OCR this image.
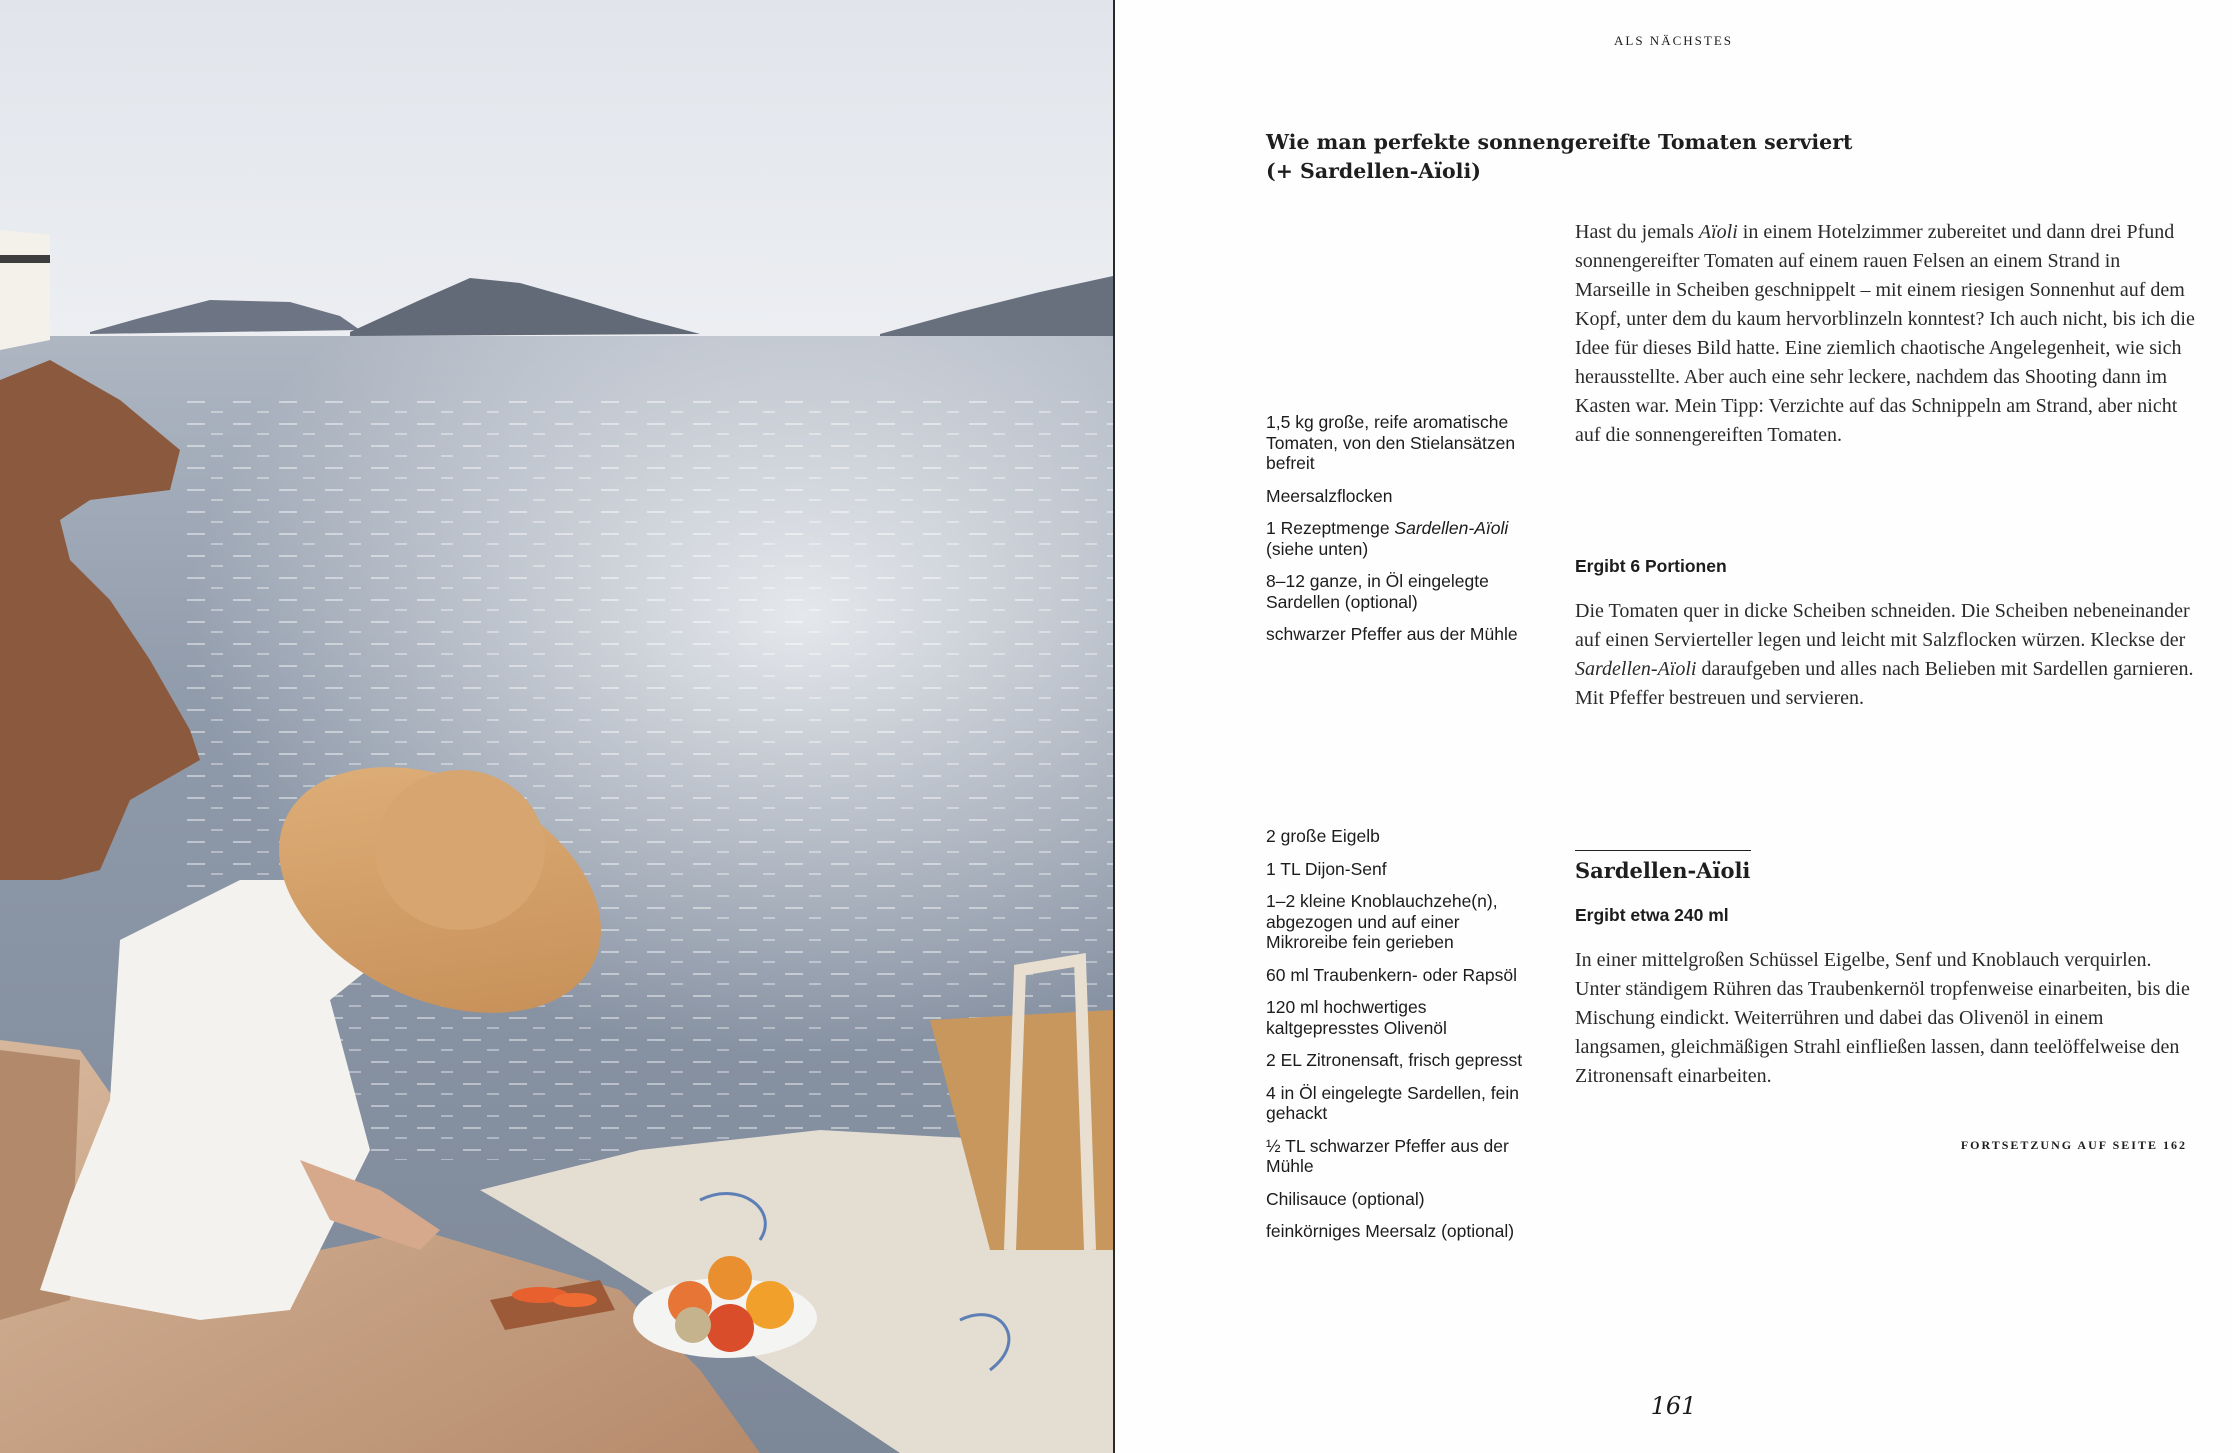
ALS NÄCHSTES
Wie man perfekte sonnengereifte Tomaten serviert
(+ Sardellen-Aïoli)
1,5 kg große, reife aromatische Tomaten, von den Stielansätzen befreit
Meersalzflocken
1 Rezeptmenge Sardellen-Aïoli (siehe unten)
8–12 ganze, in Öl eingelegte Sardellen (optional)
schwarzer Pfeffer aus der Mühle
Hast du jemals Aïoli in einem Hotelzimmer zubereitet und dann drei Pfund sonnengereifter Tomaten auf einem rauen Felsen an einem Strand in Marseille in Scheiben geschnippelt – mit einem riesigen Sonnenhut auf dem Kopf, unter dem du kaum hervorblinzeln konntest? Ich auch nicht, bis ich die Idee für dieses Bild hatte. Eine ziemlich chaotische Angelegenheit, wie sich herausstellte. Aber auch eine sehr leckere, nachdem das Shooting dann im Kasten war. Mein Tipp: Verzichte auf das Schnippeln am Strand, aber nicht auf die sonnengereiften Tomaten.
Ergibt 6 Portionen
Die Tomaten quer in dicke Scheiben schneiden. Die Scheiben nebeneinander auf einen Servierteller legen und leicht mit Salzflocken würzen. Kleckse der Sardellen-Aïoli daraufgeben und alles nach Belieben mit Sardellen garnieren. Mit Pfeffer bestreuen und servieren.
2 große Eigelb
1 TL Dijon-Senf
1–2 kleine Knoblauchzehe(n), abgezogen und auf einer Mikroreibe fein gerieben
60 ml Traubenkern- oder Rapsöl
120 ml hochwertiges kaltgepresstes Olivenöl
2 EL Zitronensaft, frisch gepresst
4 in Öl eingelegte Sardellen, fein gehackt
½ TL schwarzer Pfeffer aus der Mühle
Chilisauce (optional)
feinkörniges Meersalz (optional)
Sardellen-Aïoli
Ergibt etwa 240 ml
In einer mittelgroßen Schüssel Eigelbe, Senf und Knoblauch verquirlen. Unter ständigem Rühren das Traubenkernöl tropfenweise einarbeiten, bis die Mischung eindickt. Weiterrühren und dabei das Olivenöl in einem langsamen, gleichmäßigen Strahl einfließen lassen, dann teelöffelweise den Zitronensaft einarbeiten.
FORTSETZUNG AUF SEITE 162
161
